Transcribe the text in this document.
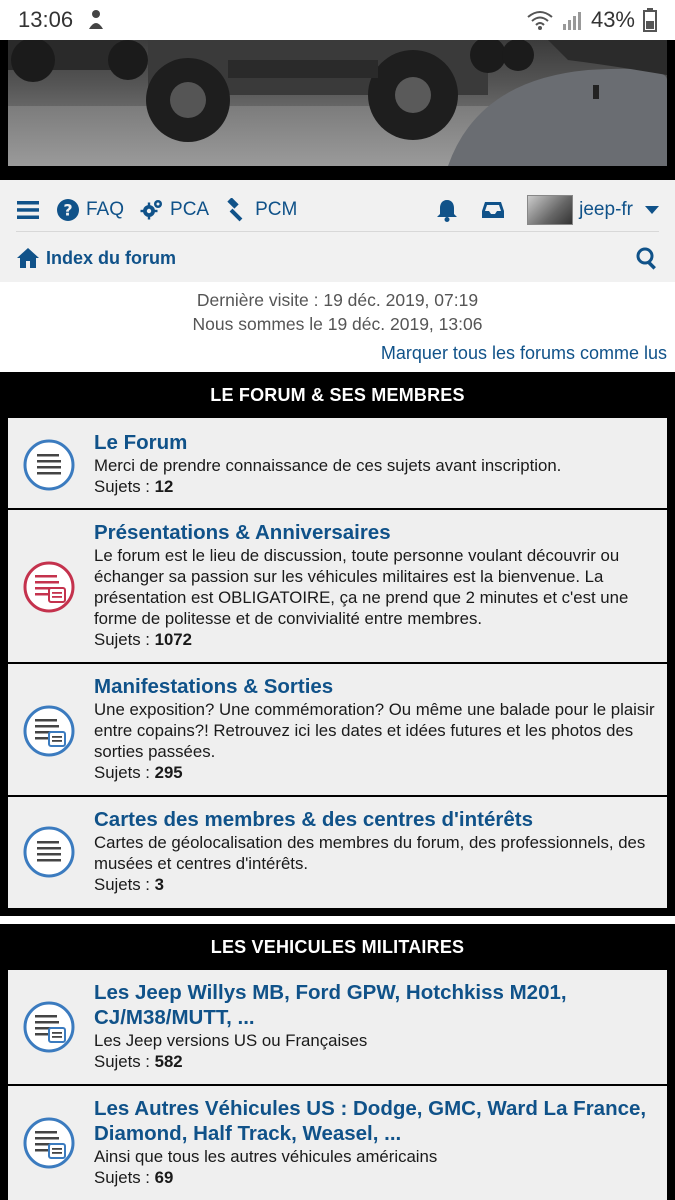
13:06	43%
? FAQ PCA PCM	jeep-fr
Index du forum
Dernière visite : 19 déc. 2019, 07:19
Nous sommes le 19 déc. 2019, 13:06
Marquer tous les forums comme lus
LE FORUM & SES MEMBRES
Le Forum
Merci de prendre connaissance de ces sujets avant inscription.
Sujets : 12
Présentations & Anniversaires
Le forum est le lieu de discussion, toute personne voulant découvrir ou échanger sa passion sur les véhicules militaires est la bienvenue. La présentation est OBLIGATOIRE, ça ne prend que 2 minutes et c'est une forme de politesse et de convivialité entre membres.
Sujets : 1072
Manifestations & Sorties
Une exposition? Une commémoration? Ou même une balade pour le plaisir entre copains?! Retrouvez ici les dates et idées futures et les photos des sorties passées.
Sujets : 295
Cartes des membres & des centres d'intérêts
Cartes de géolocalisation des membres du forum, des professionnels, des musées et centres d'intérêts.
Sujets : 3
LES VEHICULES MILITAIRES
Les Jeep Willys MB, Ford GPW, Hotchkiss M201, CJ/M38/MUTT, ...
Les Jeep versions US ou Françaises
Sujets : 582
Les Autres Véhicules US : Dodge, GMC, Ward La France, Diamond, Half Track, Weasel, ...
Ainsi que tous les autres véhicules américains
Sujets : 69
